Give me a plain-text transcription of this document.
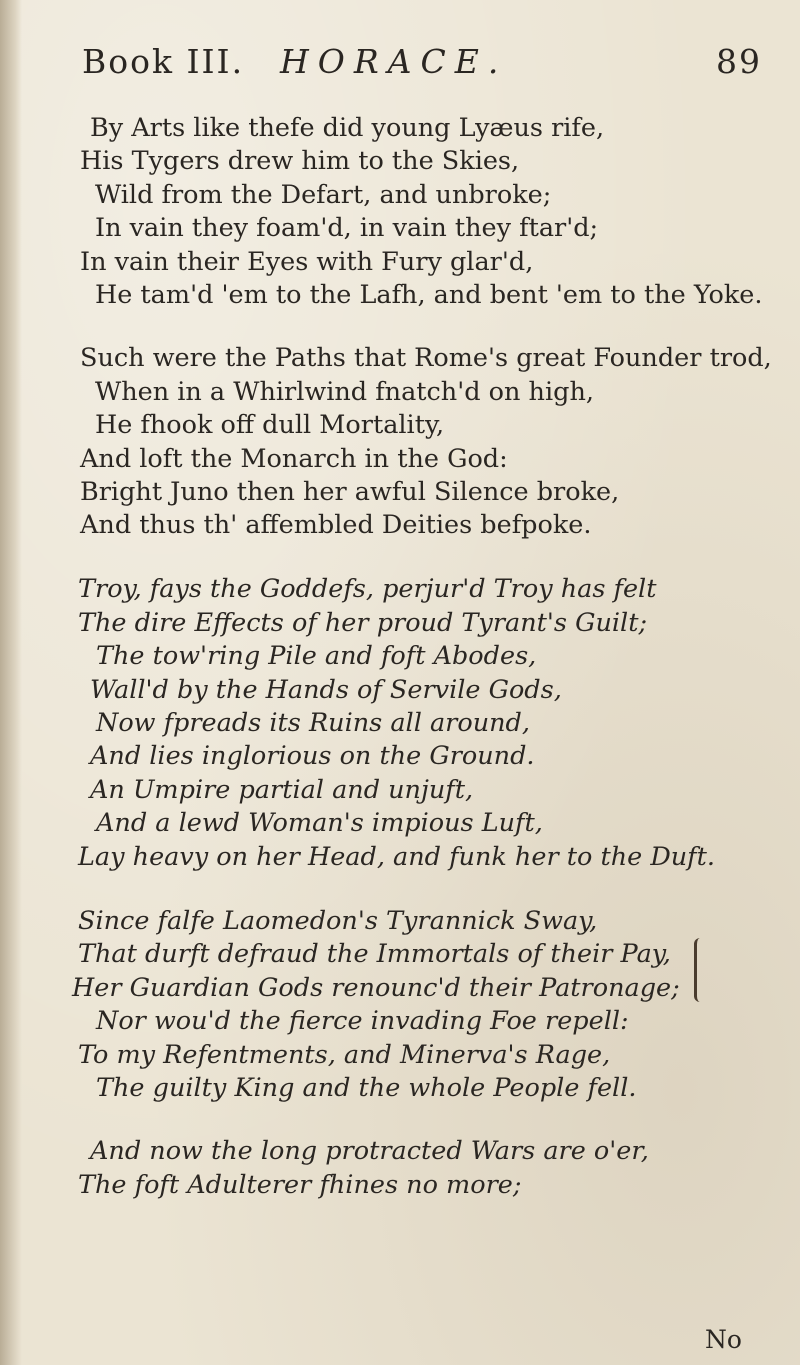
Book III. HORACE.	89
By Arts like thefe did young Lyæus rife,
His Tygers drew him to the Skies,
Wild from the Defart, and unbroke;
In vain they foam'd, in vain they ftar'd;
In vain their Eyes with Fury glar'd,
He tam'd 'em to the Lafh, and bent 'em to the Yoke.
Such were the Paths that Rome's great Founder trod,
When in a Whirlwind fnatch'd on high,
He fhook off dull Mortality,
And loft the Monarch in the God:
Bright Juno then her awful Silence broke,
And thus th' affembled Deities befpoke.
Troy, fays the Goddefs, perjur'd Troy has felt
The dire Effects of her proud Tyrant's Guilt;
The tow'ring Pile and foft Abodes,
Wall'd by the Hands of Servile Gods,
Now fpreads its Ruins all around,
And lies inglorious on the Ground.
An Umpire partial and unjuft,
And a lewd Woman's impious Luft,
Lay heavy on her Head, and funk her to the Duft.
Since falfe Laomedon's Tyrannick Sway,
That durft defraud the Immortals of their Pay,
Her Guardian Gods renounc'd their Patronage;
Nor wou'd the fierce invading Foe repell:
To my Refentments, and Minerva's Rage,
The guilty King and the whole People fell.
And now the long protracted Wars are o'er,
The foft Adulterer fhines no more;
No
